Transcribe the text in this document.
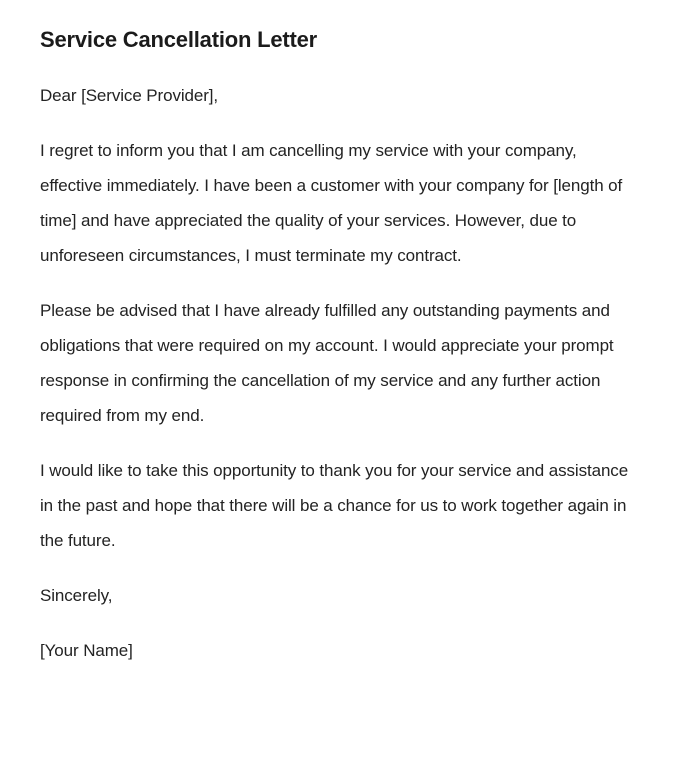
Service Cancellation Letter

Dear [Service Provider],

I regret to inform you that I am cancelling my service with your company, effective immediately. I have been a customer with your company for [length of time] and have appreciated the quality of your services. However, due to unforeseen circumstances, I must terminate my contract.

Please be advised that I have already fulfilled any outstanding payments and obligations that were required on my account. I would appreciate your prompt response in confirming the cancellation of my service and any further action required from my end.

I would like to take this opportunity to thank you for your service and assistance in the past and hope that there will be a chance for us to work together again in the future.

Sincerely,

[Your Name]
